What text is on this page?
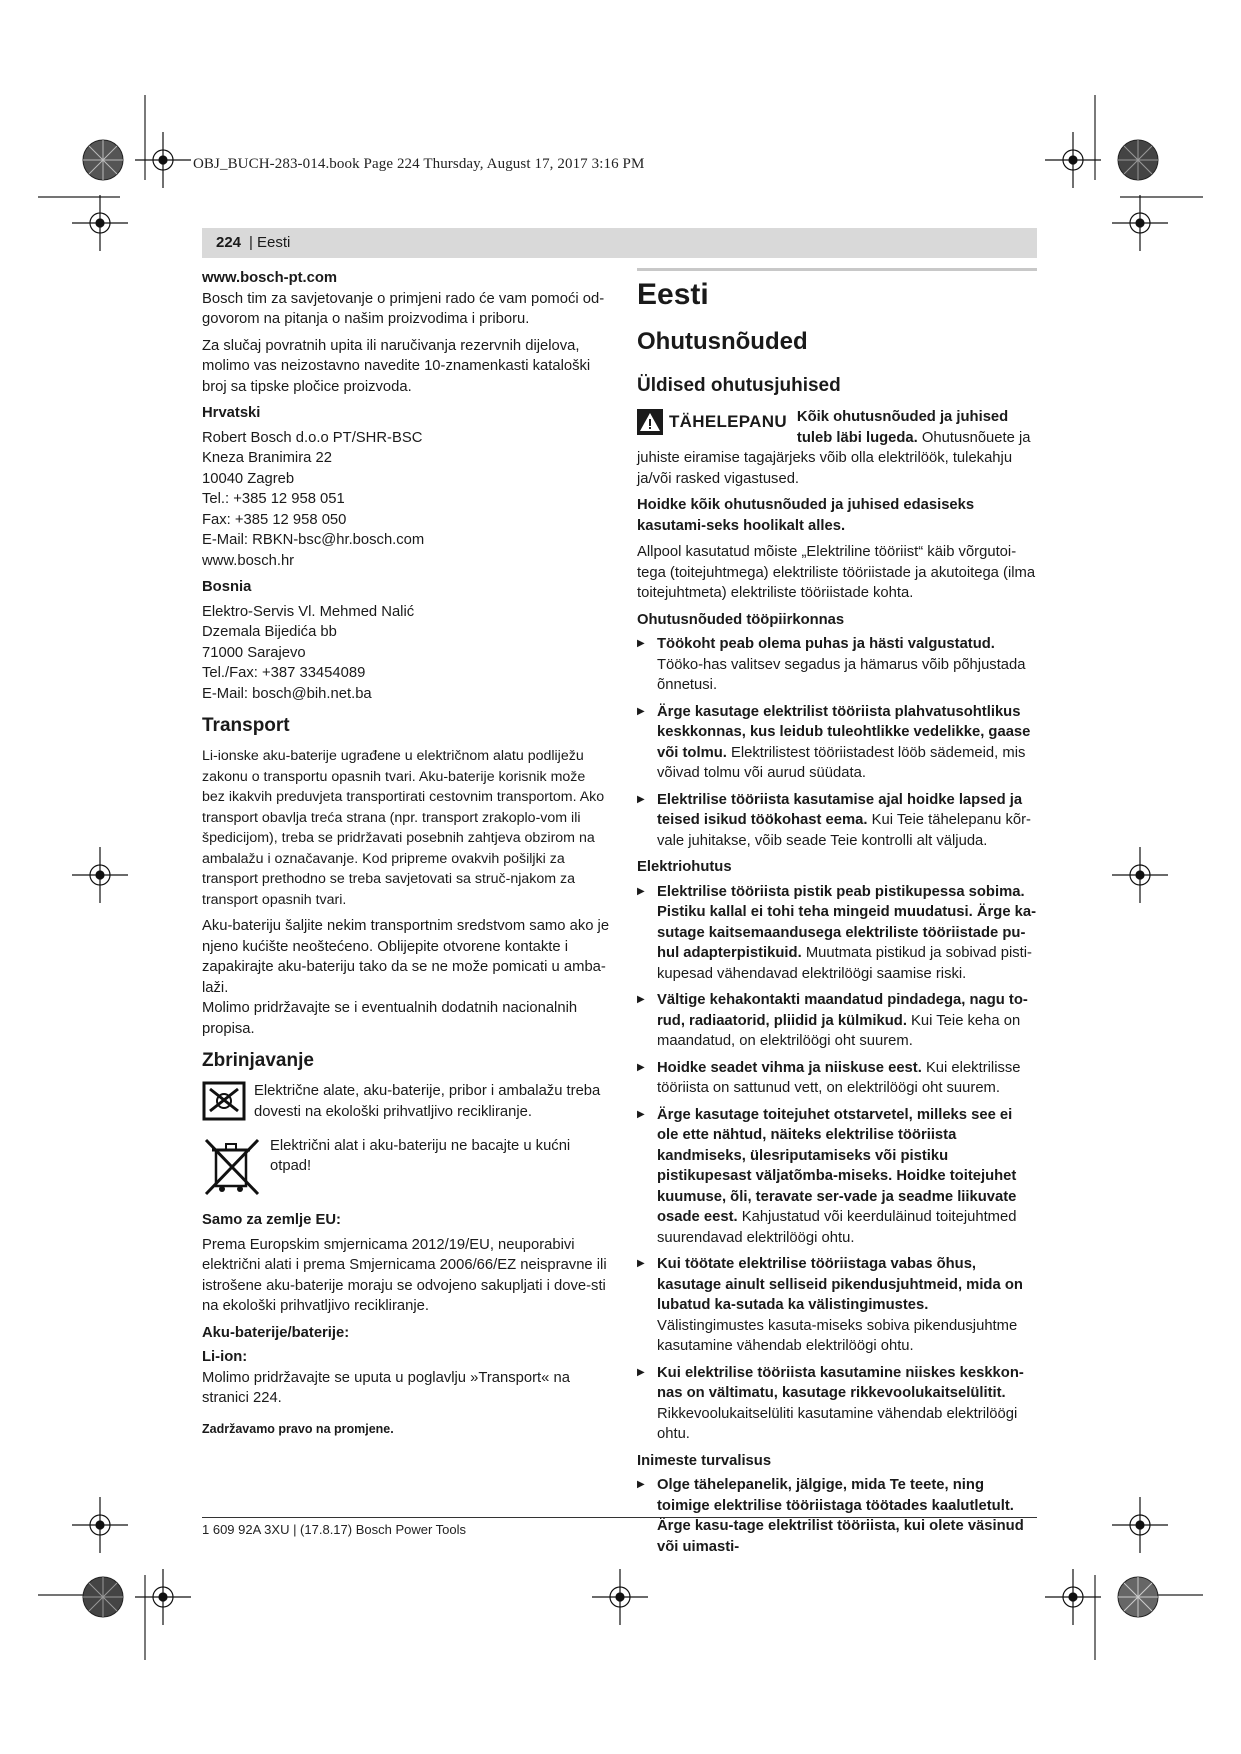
OBJ_BUCH-283-014.book Page 224 Thursday, August 17, 2017 3:16 PM
224 | Eesti
www.bosch-pt.com
Bosch tim za savjetovanje o primjeni rado će vam pomoći od-govorom na pitanja o našim proizvodima i priboru.
Za slučaj povratnih upita ili naručivanja rezervnih dijelova, molimo vas neizostavno navedite 10-znamenkasti kataloški broj sa tipske pločice proizvoda.
Hrvatski
Robert Bosch d.o.o PT/SHR-BSC
Kneza Branimira 22
10040 Zagreb
Tel.: +385 12 958 051
Fax: +385 12 958 050
E-Mail: RBKN-bsc@hr.bosch.com
www.bosch.hr
Bosnia
Elektro-Servis Vl. Mehmed Nalić
Dzemala Bijedića bb
71000 Sarajevo
Tel./Fax: +387 33454089
E-Mail: bosch@bih.net.ba
Transport
Li-ionske aku-baterije ugrađene u električnom alatu podliježu zakonu o transportu opasnih tvari. Aku-baterije korisnik može bez ikakvih preduvjeta transportirati cestovnim transportom. Ako transport obavlja treća strana (npr. transport zrakoplo-vom ili špedicijom), treba se pridržavati posebnih zahtjeva obzirom na ambalažu i označavanje. Kod pripreme ovakvih pošiljki za transport prethodno se treba savjetovati sa struč-njakom za transport opasnih tvari.
Aku-bateriju šaljite nekim transportnim sredstvom samo ako je njeno kućište neoštećeno. Oblijepite otvorene kontakte i zapakirajte aku-bateriju tako da se ne može pomicati u amba-laži.
Molimo pridržavajte se i eventualnih dodatnih nacionalnih propisa.
Zbrinjavanje
Električne alate, aku-baterije, pribor i ambalažu treba dovesti na ekološki prihvatljivo recikliranje.
Električni alat i aku-bateriju ne bacajte u kućni otpad!
Samo za zemlje EU:
Prema Europskim smjernicama 2012/19/EU, neuporabivi električni alati i prema Smjernicama 2006/66/EZ neispravne ili istrošene aku-baterije moraju se odvojeno sakupljati i dove-sti na ekološki prihvatljivo recikliranje.
Aku-baterije/baterije:
Li-ion:
Molimo pridržavajte se uputa u poglavlju »Transport« na stranici 224.
Zadržavamo pravo na promjene.
Eesti
Ohutusnõuded
Üldised ohutusjuhised
TÄHELEPANU Kõik ohutusnõuded ja juhised tuleb läbi lugeda. Ohutusnõuete ja juhiste eiramise tagajärjeks võib olla elektrilöök, tulekahju ja/või rasked vigastused.
Hoidke kõik ohutusnõuded ja juhised edasiseks kasutami-seks hoolikalt alles.
Allpool kasutatud mõiste „Elektriline tööriist“ käib võrgutoi-tega (toitejuhtmega) elektriliste tööriistade ja akutoitega (ilma toitejuhtmeta) elektriliste tööriistade kohta.
Ohutusnõuded tööpiirkonnas
▶ Töökoht peab olema puhas ja hästi valgustatud. Tööko-has valitsev segadus ja hämarus võib põhjustada õnnetusi.
▶ Ärge kasutage elektrilist tööriista plahvatusohtlikus keskkonnas, kus leidub tuleohtlikke vedelikke, gaase või tolmu. Elektrilistest tööriistadest lööb sädemeid, mis võivad tolmu või aurud süüdata.
▶ Elektrilise tööriista kasutamise ajal hoidke lapsed ja teised isikud töökohast eema. Kui Teie tähelepanu kõr-vale juhitakse, võib seade Teie kontrolli alt väljuda.
Elektriohutus
▶ Elektrilise tööriista pistik peab pistikupessa sobima. Pistiku kallal ei tohi teha mingeid muudatusi. Ärge ka-sutage kaitsemaandusega elektriliste tööriistade pu-hul adapterpistikuid. Muutmata pistikud ja sobivad pisti-kupesad vähendavad elektrilöögi saamise riski.
▶ Vältige kehakontakti maandatud pindadega, nagu to-rud, radiaatorid, pliidid ja külmikud. Kui Teie keha on maandatud, on elektrilöögi oht suurem.
▶ Hoidke seadet vihma ja niiskuse eest. Kui elektrilisse tööriista on sattunud vett, on elektrilöögi oht suurem.
▶ Ärge kasutage toitejuhet otstarvetel, milleks see ei ole ette nähtud, näiteks elektrilise tööriista kandmiseks, ülesriputamiseks või pistiku pistikupesast väljatõmba-miseks. Hoidke toitejuhet kuumuse, õli, teravate ser-vade ja seadme liikuvate osade eest. Kahjustatud või keerduläinud toitejuhtmed suurendavad elektrilöögi ohtu.
▶ Kui töötate elektrilise tööriistaga vabas õhus, kasutage ainult selliseid pikendusjuhtmeid, mida on lubatud ka-sutada ka välistingimustes. Välistingimustes kasuta-miseks sobiva pikendusjuhtme kasutamine vähendab elektrilöögi ohtu.
▶ Kui elektrilise tööriista kasutamine niiskes keskkon-nas on vältimatu, kasutage rikkevoolukaitselülitit. Rikkevoolukaitselüliti kasutamine vähendab elektrilöögi ohtu.
Inimeste turvalisus
▶ Olge tähelepanelik, jälgige, mida Te teete, ning toimige elektrilise tööriistaga töötades kaalutletult. Ärge kasu-tage elektrilist tööriista, kui olete väsinud või uimasti-
1 609 92A 3XU | (17.8.17) Bosch Power Tools
